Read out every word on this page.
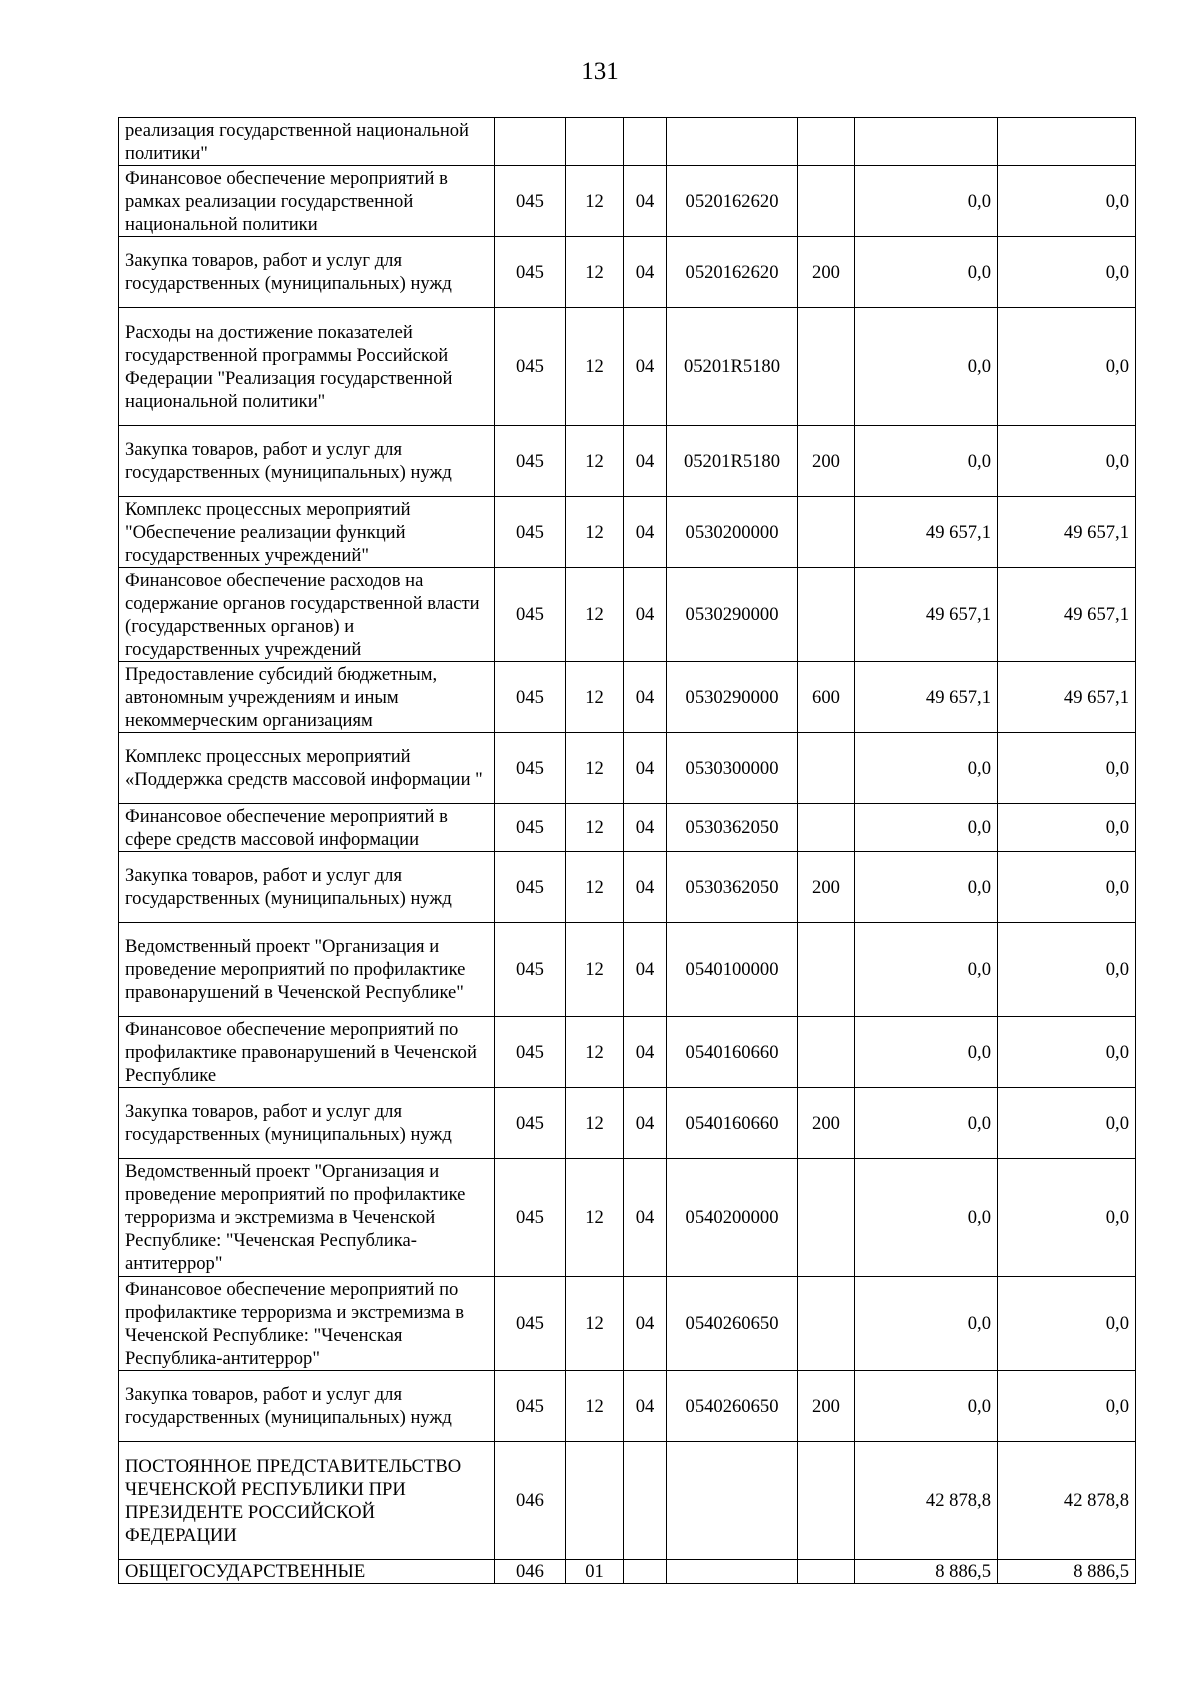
131
реализация государственной национальной политики"							
Финансовое обеспечение мероприятий в рамках реализации государственной национальной политики	045	12	04	0520162620		0,0	0,0
Закупка товаров, работ и услуг для государственных (муниципальных) нужд	045	12	04	0520162620	200	0,0	0,0
Расходы на достижение показателей государственной программы Российской Федерации "Реализация государственной национальной политики"	045	12	04	05201R5180		0,0	0,0
Закупка товаров, работ и услуг для государственных (муниципальных) нужд	045	12	04	05201R5180	200	0,0	0,0
Комплекс процессных мероприятий "Обеспечение реализации функций государственных учреждений"	045	12	04	0530200000		49 657,1	49 657,1
Финансовое обеспечение расходов на содержание органов государственной власти (государственных органов) и государственных учреждений	045	12	04	0530290000		49 657,1	49 657,1
Предоставление субсидий бюджетным, автономным учреждениям и иным некоммерческим организациям	045	12	04	0530290000	600	49 657,1	49 657,1
Комплекс процессных мероприятий «Поддержка средств массовой информации "	045	12	04	0530300000		0,0	0,0
Финансовое обеспечение мероприятий в сфере средств массовой информации	045	12	04	0530362050		0,0	0,0
Закупка товаров, работ и услуг для государственных (муниципальных) нужд	045	12	04	0530362050	200	0,0	0,0
Ведомственный проект "Организация и проведение мероприятий по профилактике правонарушений в Чеченской Республике"	045	12	04	0540100000		0,0	0,0
Финансовое обеспечение мероприятий по профилактике правонарушений в Чеченской Республике	045	12	04	0540160660		0,0	0,0
Закупка товаров, работ и услуг для государственных (муниципальных) нужд	045	12	04	0540160660	200	0,0	0,0
Ведомственный проект "Организация и проведение мероприятий по профилактике терроризма и экстремизма в Чеченской Республике: "Чеченская Республика-антитеррор"	045	12	04	0540200000		0,0	0,0
Финансовое обеспечение мероприятий по профилактике терроризма и экстремизма в Чеченской Республике: "Чеченская Республика-антитеррор"	045	12	04	0540260650		0,0	0,0
Закупка товаров, работ и услуг для государственных (муниципальных) нужд	045	12	04	0540260650	200	0,0	0,0
ПОСТОЯННОЕ ПРЕДСТАВИТЕЛЬСТВО ЧЕЧЕНСКОЙ РЕСПУБЛИКИ ПРИ ПРЕЗИДЕНТЕ РОССИЙСКОЙ ФЕДЕРАЦИИ	046					42 878,8	42 878,8
ОБЩЕГОСУДАРСТВЕННЫЕ	046	01				8 886,5	8 886,5
